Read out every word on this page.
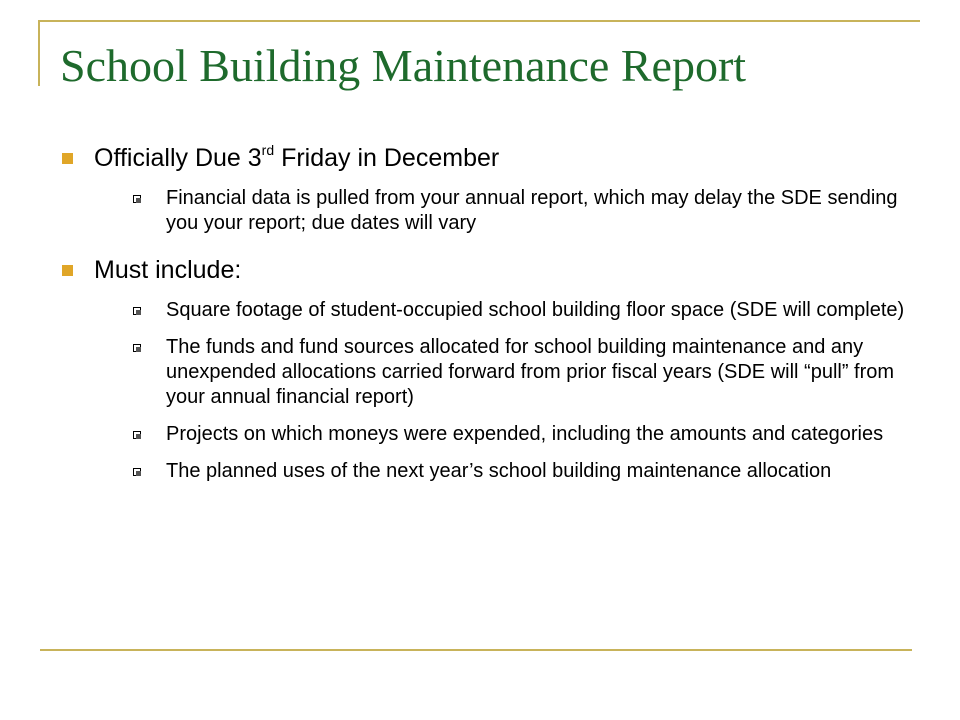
School Building Maintenance Report
Officially Due 3rd Friday in December
Financial data is pulled from your annual report, which may delay the SDE sending you your report; due dates will vary
Must include:
Square footage of student-occupied school building floor space (SDE will complete)
The funds and fund sources allocated for school building maintenance and any unexpended allocations carried forward from prior fiscal years (SDE will “pull” from your annual financial report)
Projects on which moneys were expended, including the amounts and categories
The planned uses of the next year’s school building maintenance allocation
